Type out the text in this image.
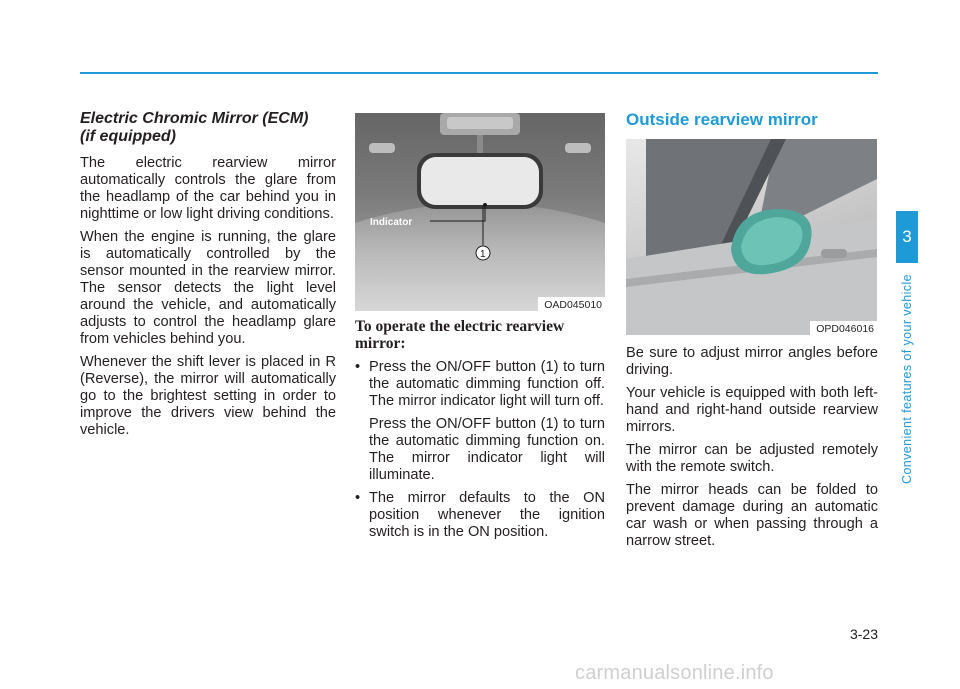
Electric Chromic Mirror (ECM)
(if equipped)

The electric rearview mirror automatically controls the glare from the headlamp of the car behind you in nighttime or low light driving conditions.

When the engine is running, the glare is automatically controlled by the sensor mounted in the rearview mirror. The sensor detects the light level around the vehicle, and automatically adjusts to control the headlamp glare from vehicles behind you.

Whenever the shift lever is placed in R (Reverse), the mirror will automatically go to the brightest setting in order to improve the drivers view behind the vehicle.

Indicator
1
OAD045010
To operate the electric rearview mirror:

• Press the ON/OFF button (1) to turn the automatic dimming function off. The mirror indicator light will turn off.

Press the ON/OFF button (1) to turn the automatic dimming function on. The mirror indicator light will illuminate.

• The mirror defaults to the ON position whenever the ignition switch is in the ON position.
Outside rearview mirror
OPD046016

Be sure to adjust mirror angles before driving.

Your vehicle is equipped with both left-hand and right-hand outside rearview mirrors.

The mirror can be adjusted remotely with the remote switch.

The mirror heads can be folded to prevent damage during an automatic car wash or when passing through a narrow street.

3
Convenient features of your vehicle
3-23
carmanualsonline.info
